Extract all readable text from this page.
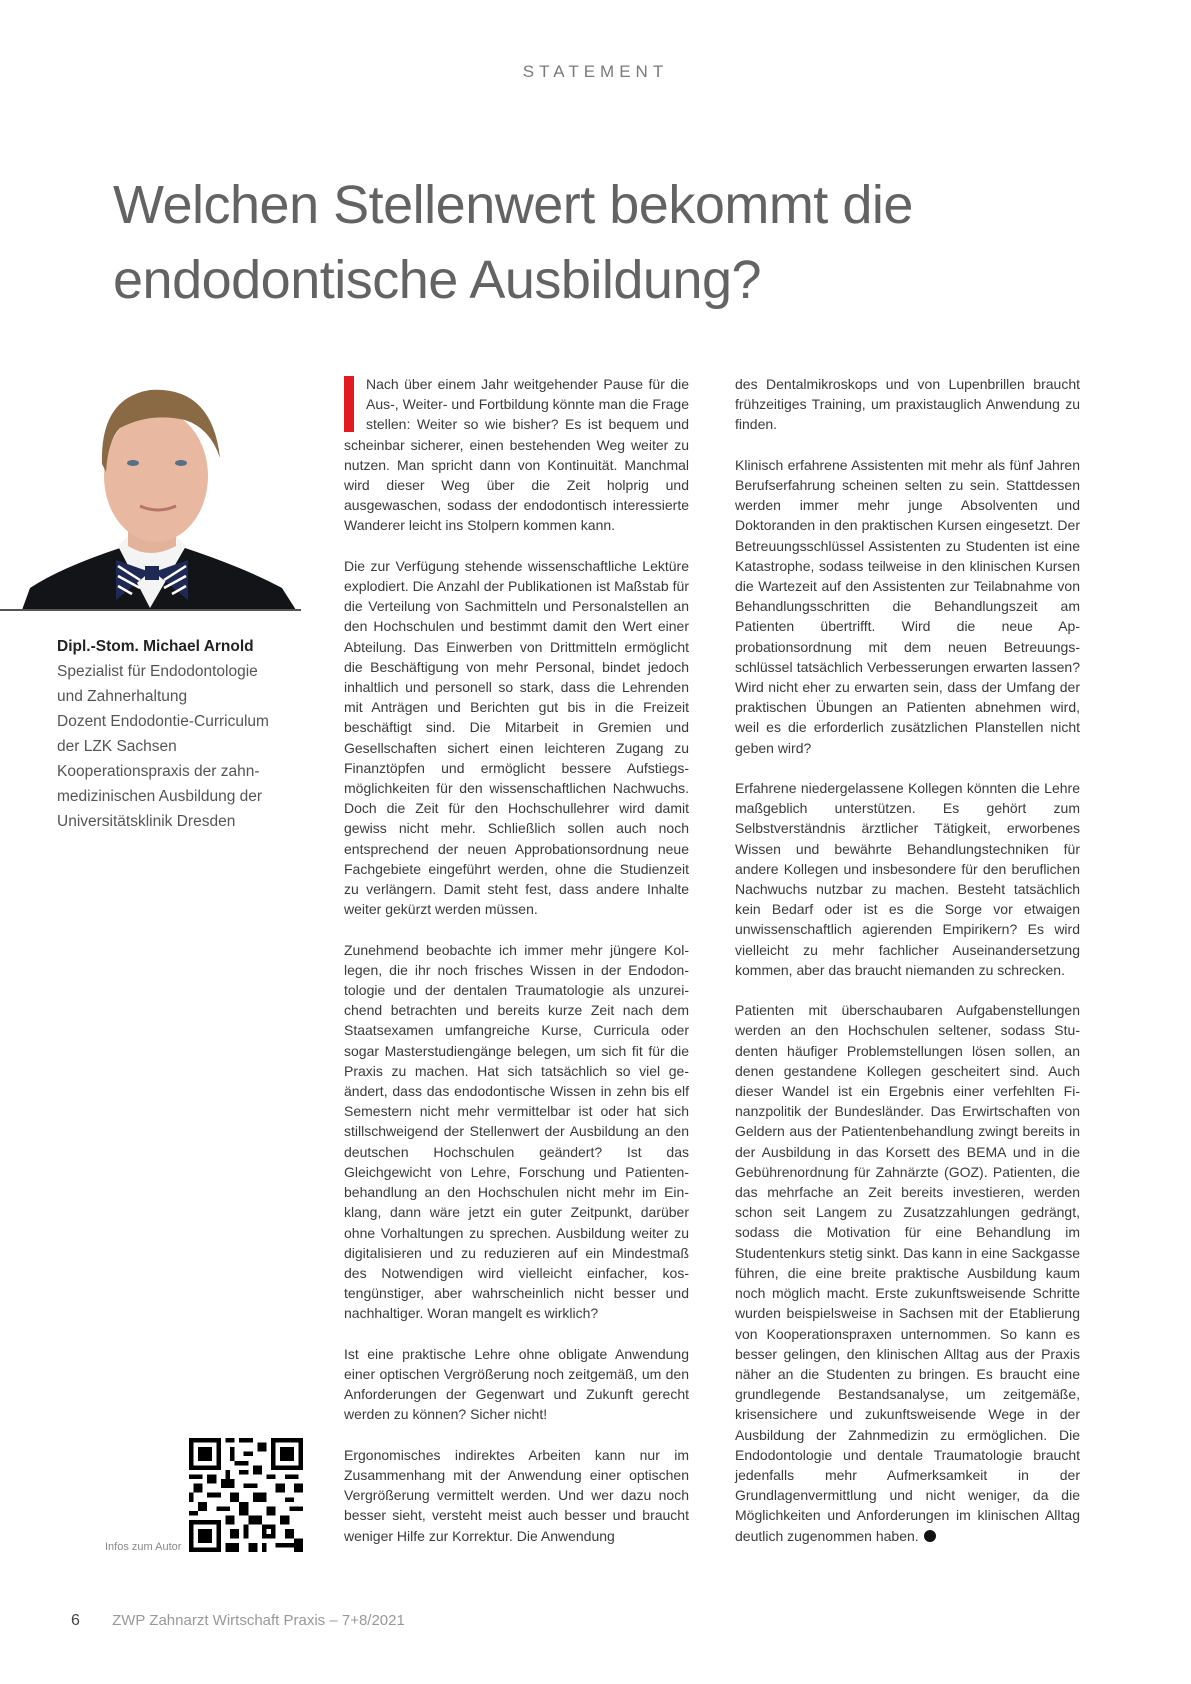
STATEMENT
Welchen Stellenwert bekommt die
endodontische Ausbildung?
Dipl.-Stom. Michael Arnold
Spezialist für Endodontologie
und Zahnerhaltung
Dozent Endodontie-Curriculum
der LZK Sachsen
Kooperationspraxis der zahn-
medizinischen Ausbildung der
Universitätsklinik Dresden

Nach über einem Jahr weitgehender Pause für die Aus-, Weiter- und Fortbildung könnte man die Frage stellen: Weiter so wie bisher? Es ist bequem und scheinbar sicherer, einen bestehenden Weg weiter zu nutzen. Man spricht dann von Kontinuität. Manchmal wird dieser Weg über die Zeit holprig und ausgewaschen, sodass der endodontisch interessierte Wanderer leicht ins Stolpern kommen kann.

Die zur Verfügung stehende wissenschaftliche Lektüre explodiert. Die Anzahl der Publikationen ist Maßstab für die Verteilung von Sachmitteln und Personalstellen an den Hochschulen und bestimmt damit den Wert einer Abteilung. Das Einwerben von Drittmitteln ermöglicht die Beschäftigung von mehr Personal, bindet jedoch inhaltlich und personell so stark, dass die Lehrenden mit Anträgen und Berichten gut bis in die Freizeit beschäftigt sind. Die Mitarbeit in Gremien und Gesellschaften sichert einen leichteren Zugang zu Finanztöpfen und ermöglicht bessere Aufstiegsmöglichkeiten für den wissenschaftlichen Nachwuchs. Doch die Zeit für den Hochschullehrer wird damit gewiss nicht mehr. Schließlich sollen auch noch entsprechend der neuen Approbationsordnung neue Fachgebiete eingeführt werden, ohne die Studienzeit zu verlängern. Damit steht fest, dass andere Inhalte weiter gekürzt werden müssen.

Zunehmend beobachte ich immer mehr jüngere Kollegen, die ihr noch frisches Wissen in der Endodontologie und der dentalen Traumatologie als unzureichend betrachten und bereits kurze Zeit nach dem Staatsexamen umfangreiche Kurse, Curricula oder sogar Masterstudiengänge belegen, um sich fit für die Praxis zu machen. Hat sich tatsächlich so viel geändert, dass das endodontische Wissen in zehn bis elf Semestern nicht mehr vermittelbar ist oder hat sich stillschweigend der Stellenwert der Ausbildung an den deutschen Hochschulen geändert? Ist das Gleichgewicht von Lehre, Forschung und Patientenbehandlung an den Hochschulen nicht mehr im Einklang, dann wäre jetzt ein guter Zeitpunkt, darüber ohne Vorhaltungen zu sprechen. Ausbildung weiter zu digitalisieren und zu reduzieren auf ein Mindestmaß des Notwendigen wird vielleicht einfacher, kostengünstiger, aber wahrscheinlich nicht besser und nachhaltiger. Woran mangelt es wirklich?

Ist eine praktische Lehre ohne obligate Anwendung einer optischen Vergrößerung noch zeitgemäß, um den Anforderungen der Gegenwart und Zukunft gerecht werden zu können? Sicher nicht!

Ergonomisches indirektes Arbeiten kann nur im Zusammenhang mit der Anwendung einer optischen Vergrößerung vermittelt werden. Und wer dazu noch besser sieht, versteht meist auch besser und braucht weniger Hilfe zur Korrektur. Die Anwendung

des Dentalmikroskops und von Lupenbrillen braucht frühzeitiges Training, um praxistauglich Anwendung zu finden.

Klinisch erfahrene Assistenten mit mehr als fünf Jahren Berufserfahrung scheinen selten zu sein. Stattdessen werden immer mehr junge Absolventen und Doktoranden in den praktischen Kursen eingesetzt. Der Betreuungsschlüssel Assistenten zu Studenten ist eine Katastrophe, sodass teilweise in den klinischen Kursen die Wartezeit auf den Assistenten zur Teilabnahme von Behandlungsschritten die Behandlungszeit am Patienten übertrifft. Wird die neue Approbationsordnung mit dem neuen Betreuungsschlüssel tatsächlich Verbesserungen erwarten lassen? Wird nicht eher zu erwarten sein, dass der Umfang der praktischen Übungen an Patienten abnehmen wird, weil es die erforderlich zusätzlichen Planstellen nicht geben wird?

Erfahrene niedergelassene Kollegen könnten die Lehre maßgeblich unterstützen. Es gehört zum Selbstverständnis ärztlicher Tätigkeit, erworbenes Wissen und bewährte Behandlungstechniken für andere Kollegen und insbesondere für den beruflichen Nachwuchs nutzbar zu machen. Besteht tatsächlich kein Bedarf oder ist es die Sorge vor etwaigen unwissenschaftlich agierenden Empirikern? Es wird vielleicht zu mehr fachlicher Auseinandersetzung kommen, aber das braucht niemanden zu schrecken.

Patienten mit überschaubaren Aufgabenstellungen werden an den Hochschulen seltener, sodass Studenten häufiger Problemstellungen lösen sollen, an denen gestandene Kollegen gescheitert sind. Auch dieser Wandel ist ein Ergebnis einer verfehlten Finanzpolitik der Bundesländer. Das Erwirtschaften von Geldern aus der Patientenbehandlung zwingt bereits in der Ausbildung in das Korsett des BEMA und in die Gebührenordnung für Zahnärzte (GOZ). Patienten, die das mehrfache an Zeit bereits investieren, werden schon seit Langem zu Zusatzzahlungen gedrängt, sodass die Motivation für eine Behandlung im Studentenkurs stetig sinkt. Das kann in eine Sackgasse führen, die eine breite praktische Ausbildung kaum noch möglich macht. Erste zukunftsweisende Schritte wurden beispielsweise in Sachsen mit der Etablierung von Kooperationspraxen unternommen. So kann es besser gelingen, den klinischen Alltag aus der Praxis näher an die Studenten zu bringen. Es braucht eine grundlegende Bestandsanalyse, um zeitgemäße, krisensichere und zukunftsweisende Wege in der Ausbildung der Zahnmedizin zu ermöglichen. Die Endodontologie und dentale Traumatologie braucht jedenfalls mehr Aufmerksamkeit in der Grundlagenvermittlung und nicht weniger, da die Möglichkeiten und Anforderungen im klinischen Alltag deutlich zugenommen haben.

Infos zum Autor
6 ZWP Zahnarzt Wirtschaft Praxis – 7+8/2021
